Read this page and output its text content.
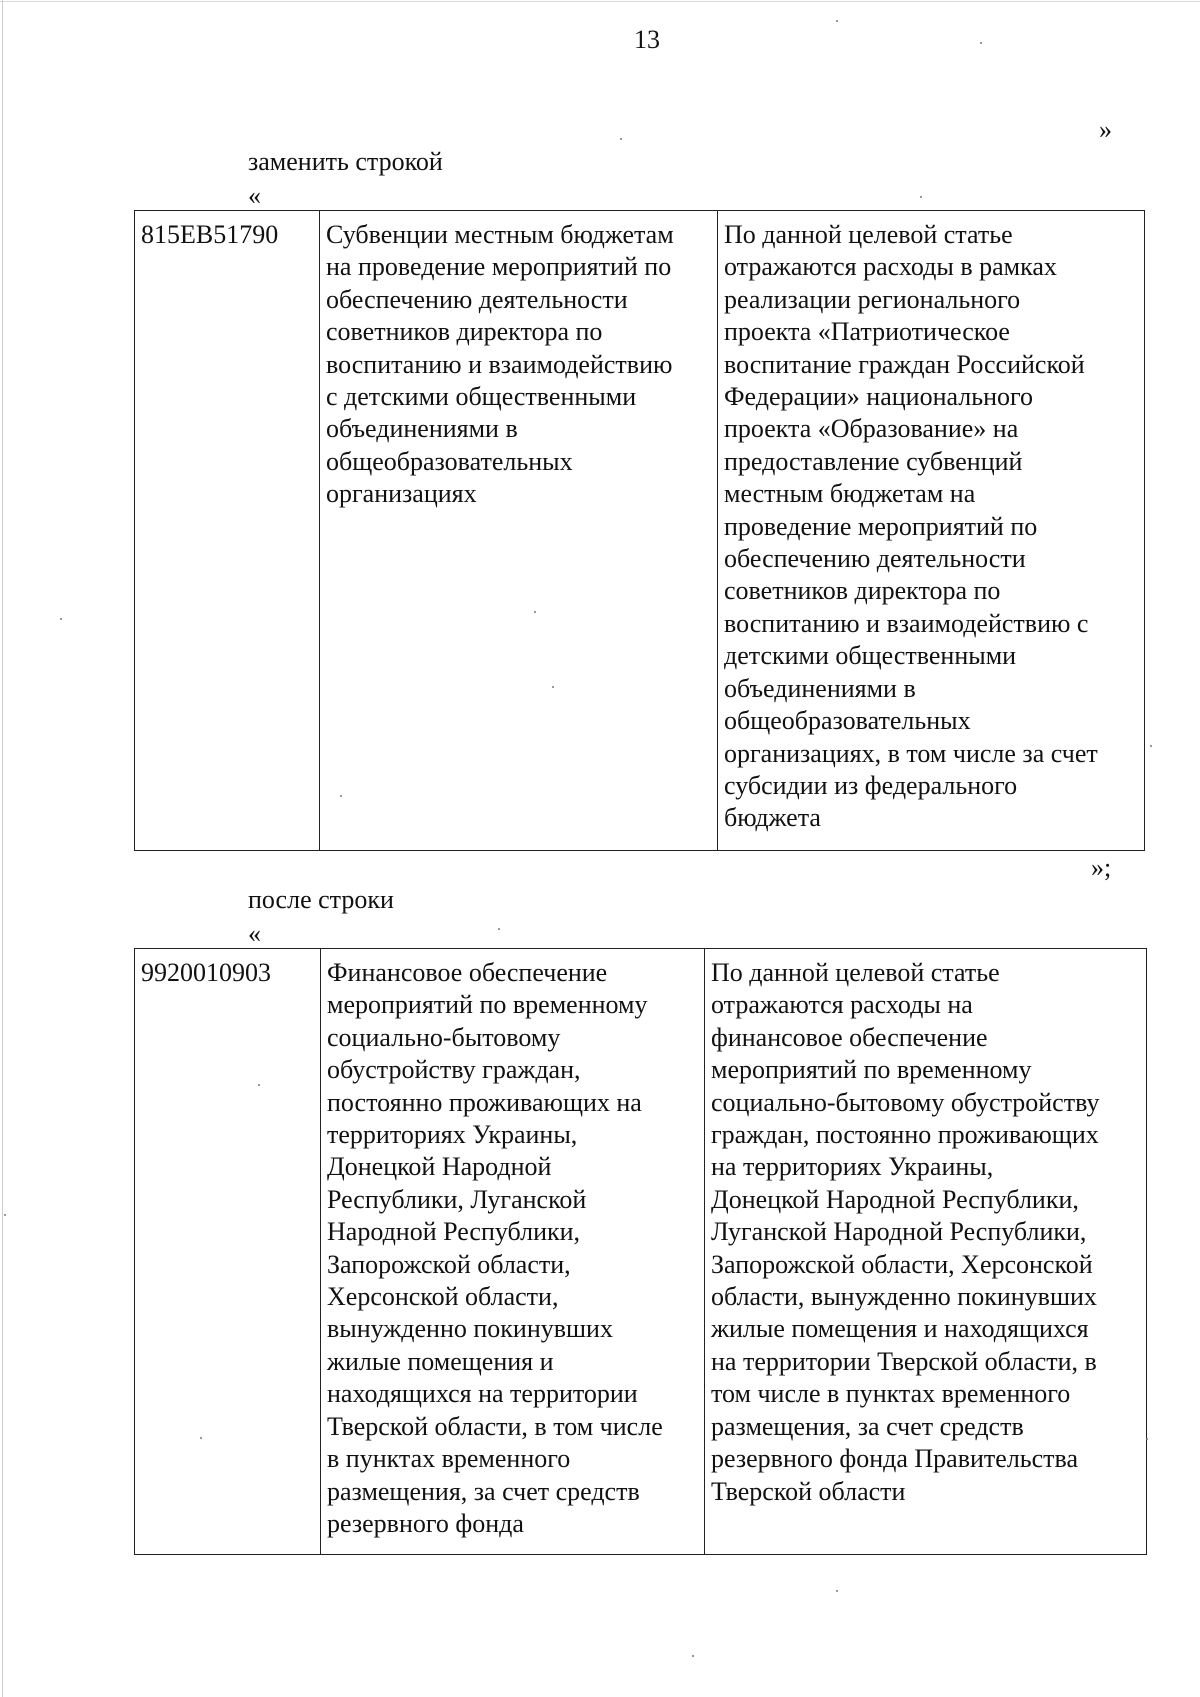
13
»
заменить строкой
«
815EB51790	Субвенции местным бюджетам
на проведение мероприятий по
обеспечению деятельности
советников директора по
воспитанию и взаимодействию
с детскими общественными
объединениями в
общеобразовательных
организациях	По данной целевой статье
отражаются расходы в рамках
реализации регионального
проекта «Патриотическое
воспитание граждан Российской
Федерации» национального
проекта «Образование» на
предоставление субвенций
местным бюджетам на
проведение мероприятий по
обеспечению деятельности
советников директора по
воспитанию и взаимодействию с
детскими общественными
объединениями в
общеобразовательных
организациях, в том числе за счет
субсидии из федерального
бюджета
»;
после строки
«
9920010903	Финансовое обеспечение
мероприятий по временному
социально-бытовому
обустройству граждан,
постоянно проживающих на
территориях Украины,
Донецкой Народной
Республики, Луганской
Народной Республики,
Запорожской области,
Херсонской области,
вынужденно покинувших
жилые помещения и
находящихся на территории
Тверской области, в том числе
в пунктах временного
размещения, за счет средств
резервного фонда	По данной целевой статье
отражаются расходы на
финансовое обеспечение
мероприятий по временному
социально-бытовому обустройству
граждан, постоянно проживающих
на территориях Украины,
Донецкой Народной Республики,
Луганской Народной Республики,
Запорожской области, Херсонской
области, вынужденно покинувших
жилые помещения и находящихся
на территории Тверской области, в
том числе в пунктах временного
размещения, за счет средств
резервного фонда Правительства
Тверской области
